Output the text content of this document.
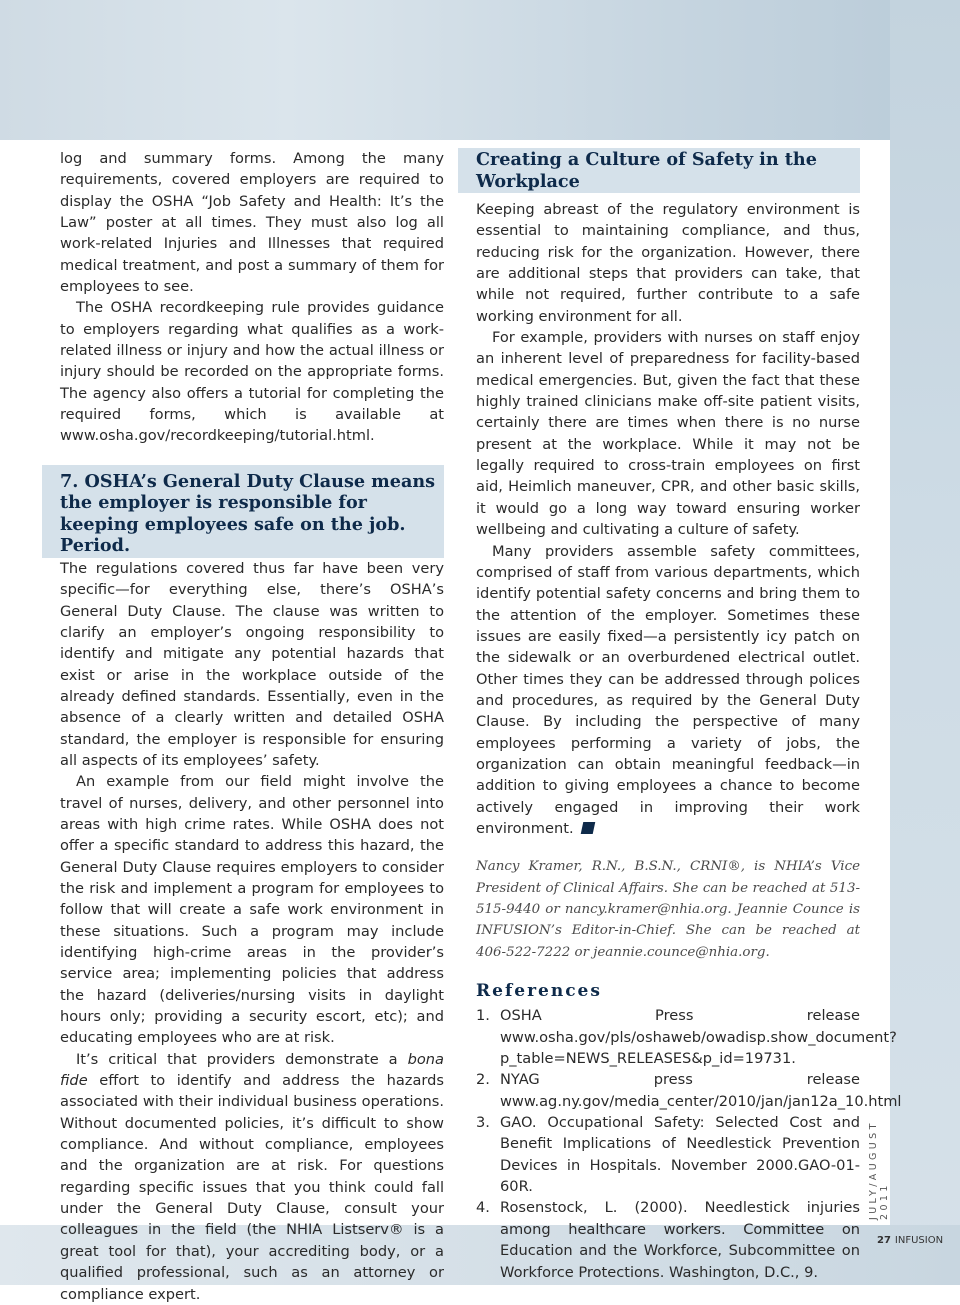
log and summary forms. Among the many requirements, covered employers are required to display the OSHA “Job Safety and Health: It’s the Law” poster at all times. They must also log all work-related Injuries and Illnesses that required medical treatment, and post a summary of them for employees to see.

The OSHA recordkeeping rule provides guidance to employers regarding what qualifies as a work-related illness or injury and how the actual illness or injury should be recorded on the appropriate forms. The agency also offers a tutorial for completing the required forms, which is available at www.osha.gov/recordkeeping/tutorial.html.

7. OSHA’s General Duty Clause means the employer is responsible for keeping employees safe on the job. Period.

The regulations covered thus far have been very specific—for everything else, there’s OSHA’s General Duty Clause. The clause was written to clarify an employer’s ongoing responsibility to identify and mitigate any potential hazards that exist or arise in the workplace outside of the already defined standards. Essentially, even in the absence of a clearly written and detailed OSHA standard, the employer is responsible for ensuring all aspects of its employees’ safety.

An example from our field might involve the travel of nurses, delivery, and other personnel into areas with high crime rates. While OSHA does not offer a specific standard to address this hazard, the General Duty Clause requires employers to consider the risk and implement a program for employees to follow that will create a safe work environment in these situations. Such a program may include identifying high-crime areas in the provider’s service area; implementing policies that address the hazard (deliveries/nursing visits in daylight hours only; providing a security escort, etc); and educating employees who are at risk.

It’s critical that providers demonstrate a bona fide effort to identify and address the hazards associated with their individual business operations. Without documented policies, it’s difficult to show compliance. And without compliance, employees and the organization are at risk. For questions regarding specific issues that you think could fall under the General Duty Clause, consult your colleagues in the field (the NHIA Listserv® is a great tool for that), your accrediting body, or a qualified professional, such as an attorney or compliance expert.

Creating a Culture of Safety in the Workplace

Keeping abreast of the regulatory environment is essential to maintaining compliance, and thus, reducing risk for the organization. However, there are additional steps that providers can take, that while not required, further contribute to a safe working environment for all.

For example, providers with nurses on staff enjoy an inherent level of preparedness for facility-based medical emergencies. But, given the fact that these highly trained clinicians make off-site patient visits, certainly there are times when there is no nurse present at the workplace. While it may not be legally required to cross-train employees on first aid, Heimlich maneuver, CPR, and other basic skills, it would go a long way toward ensuring worker wellbeing and cultivating a culture of safety.

Many providers assemble safety committees, comprised of staff from various departments, which identify potential safety concerns and bring them to the attention of the employer. Sometimes these issues are easily fixed—a persistently icy patch on the sidewalk or an overburdened electrical outlet. Other times they can be addressed through polices and procedures, as required by the General Duty Clause. By including the perspective of many employees performing a variety of jobs, the organization can obtain meaningful feedback—in addition to giving employees a chance to become actively engaged in improving their work environment.

Nancy Kramer, R.N., B.S.N., CRNI®, is NHIA’s Vice President of Clinical Affairs. She can be reached at 513-515-9440 or nancy.kramer@nhia.org. Jeannie Counce is INFUSION’s Editor-in-Chief. She can be reached at 406-522-7222 or jeannie.counce@nhia.org.
References
1. OSHA Press release www.osha.gov/pls/oshaweb/owadisp.show_document?p_table=NEWS_RELEASES&p_id=19731.
2. NYAG press release www.ag.ny.gov/media_center/2010/jan/jan12a_10.html
3. GAO. Occupational Safety: Selected Cost and Benefit Implications of Needlestick Prevention Devices in Hospitals. November 2000.GAO-01-60R.
4. Rosenstock, L. (2000). Needlestick injuries among healthcare workers. Committee on Education and the Workforce, Subcommittee on Workforce Protections. Washington, D.C., 9.
JULY/AUGUST 2011
27 INFUSION
